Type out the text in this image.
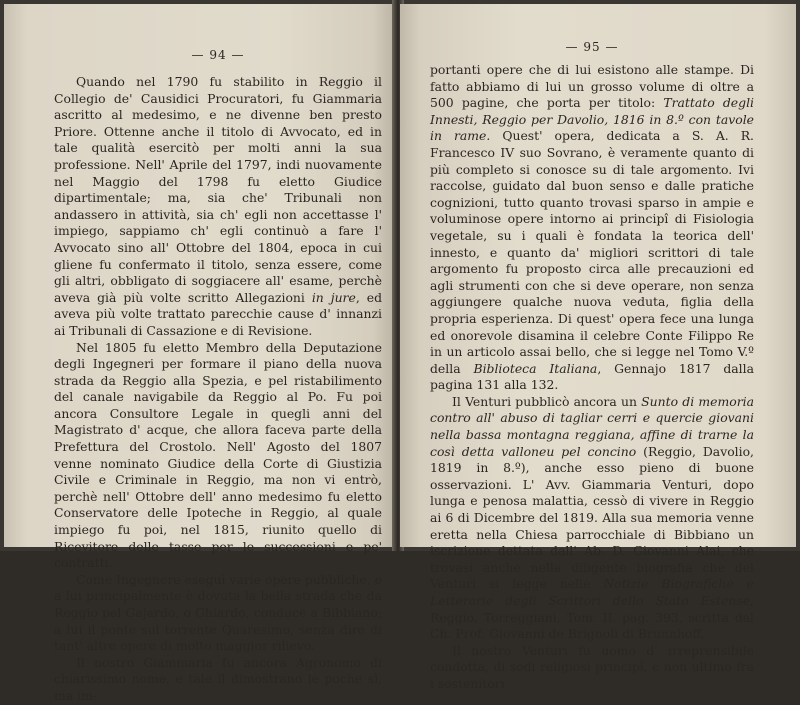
— 94 —

Quando nel 1790 fu stabilito in Reggio il Collegio de' Causidici Procuratori, fu Giammaria ascritto al medesimo, e ne divenne ben presto Priore. Ottenne anche il titolo di Avvocato, ed in tale qualità esercitò per molti anni la sua professione. Nell' Aprile del 1797, indi nuovamente nel Maggio del 1798 fu eletto Giudice dipartimentale; ma, sia che' Tribunali non andassero in attività, sia ch' egli non accettasse l' impiego, sappiamo ch' egli continuò a fare l' Avvocato sino all' Ottobre del 1804, epoca in cui gliene fu confermato il titolo, senza essere, come gli altri, obbligato di soggiacere all' esame, perchè aveva già più volte scritto Allegazioni in jure, ed aveva più volte trattato parecchie cause d' innanzi ai Tribunali di Cassazione e di Revisione.

Nel 1805 fu eletto Membro della Deputazione degli Ingegneri per formare il piano della nuova strada da Reggio alla Spezia, e pel ristabilimento del canale navigabile da Reggio al Po. Fu poi ancora Consultore Legale in quegli anni del Magistrato d' acque, che allora faceva parte della Prefettura del Crostolo. Nell' Agosto del 1807 venne nominato Giudice della Corte di Giustizia Civile e Criminale in Reggio, ma non vi entrò, perchè nell' Ottobre dell' anno medesimo fu eletto Conservatore delle Ipoteche in Reggio, al quale impiego fu poi, nel 1815, riunito quello di Ricevitore delle tasse per le successioni e pe' contratti.

Come Ingegnere eseguì varie opere pubbliche, e a lui principalmente è dovuta la bella strada che da Reggio pel Gajardo, o Ghiardo, conduce a Bibbiano; a lui il ponte sul torrente Quaresimo, senza dire di tant' altre opere di molto maggior rilievo.

Il nostro Giammaria fu ancora Agronomo di chiarissimo nome, e tale il dimostrano le poche sì, ma im-

— 95 —

portanti opere che di lui esistono alle stampe. Di fatto abbiamo di lui un grosso volume di oltre a 500 pagine, che porta per titolo: Trattato degli Innesti, Reggio per Davolio, 1816 in 8.º con tavole in rame. Quest' opera, dedicata a S. A. R. Francesco IV suo Sovrano, è veramente quanto di più completo si conosce su di tale argomento. Ivi raccolse, guidato dal buon senso e dalle pratiche cognizioni, tutto quanto trovasi sparso in ampie e voluminose opere intorno ai principî di Fisiologia vegetale, su i quali è fondata la teorica dell' innesto, e quanto da' migliori scrittori di tale argomento fu proposto circa alle precauzioni ed agli strumenti con che si deve operare, non senza aggiungere qualche nuova veduta, figlia della propria esperienza. Di quest' opera fece una lunga ed onorevole disamina il celebre Conte Filippo Re in un articolo assai bello, che si legge nel Tomo V.º della Biblioteca Italiana, Gennajo 1817 dalla pagina 131 alla 132.

Il Venturi pubblicò ancora un Sunto di memoria contro all' abuso di tagliar cerri e quercie giovani nella bassa montagna reggiana, affine di trarne la così detta valloneu pel concino (Reggio, Davolio, 1819 in 8.º), anche esso pieno di buone osservazioni. L' Avv. Giammaria Venturi, dopo lunga e penosa malattia, cessò di vivere in Reggio ai 6 di Dicembre del 1819. Alla sua memoria venne eretta nella Chiesa parrocchiale di Bibbiano un iscrizione dettata dall' Ab. D. Giovanni Alai, che trovasi anche nella diligente biografia che del Venturi si legge nelle Notizie Biografiche e Letterarie degli Scrittori dello Stato Estense, Reggio, Torreggiani, Tom. II. pag. 393, scritta dal Ch. Prof. Giovanni de Brignoli di Brunnhoff.

Il nostro Venturi fu uomo d' irreprensibile condotta, di sodi religiosi principî, e non ultimo fra i sostenitori
